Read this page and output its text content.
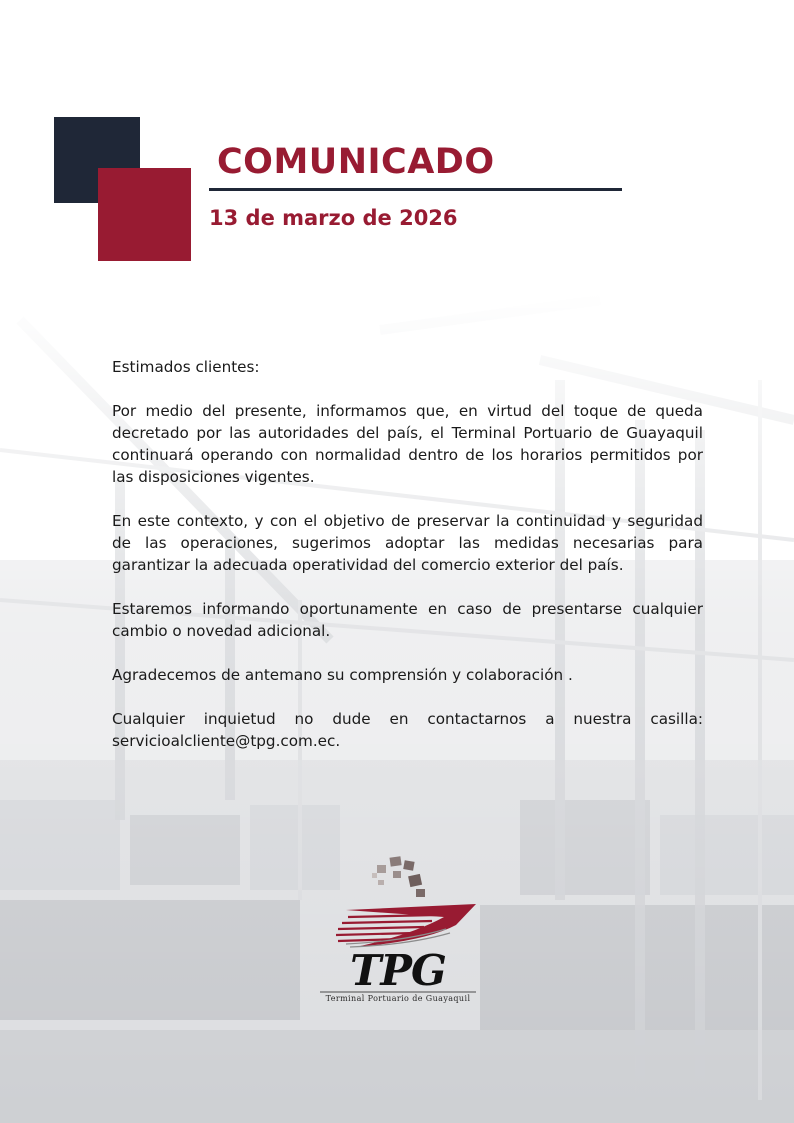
COMUNICADO
13 de marzo de 2026

Estimados clientes:

Por medio del presente, informamos que, en virtud del toque de queda decretado por las autoridades del país, el Terminal Portuario de Guayaquil continuará operando con normalidad dentro de los horarios permitidos por las disposiciones vigentes.

En este contexto, y con el objetivo de preservar la continuidad y seguridad de las operaciones, sugerimos adoptar las medidas necesarias para garantizar la adecuada operatividad del comercio exterior del país.

Estaremos informando oportunamente en caso de presentarse cualquier cambio o novedad adicional.

Agradecemos de antemano su comprensión y colaboración .

Cualquier inquietud no dude en contactarnos a nuestra casilla: servicioalcliente@tpg.com.ec.

TPG
Terminal Portuario de Guayaquil
